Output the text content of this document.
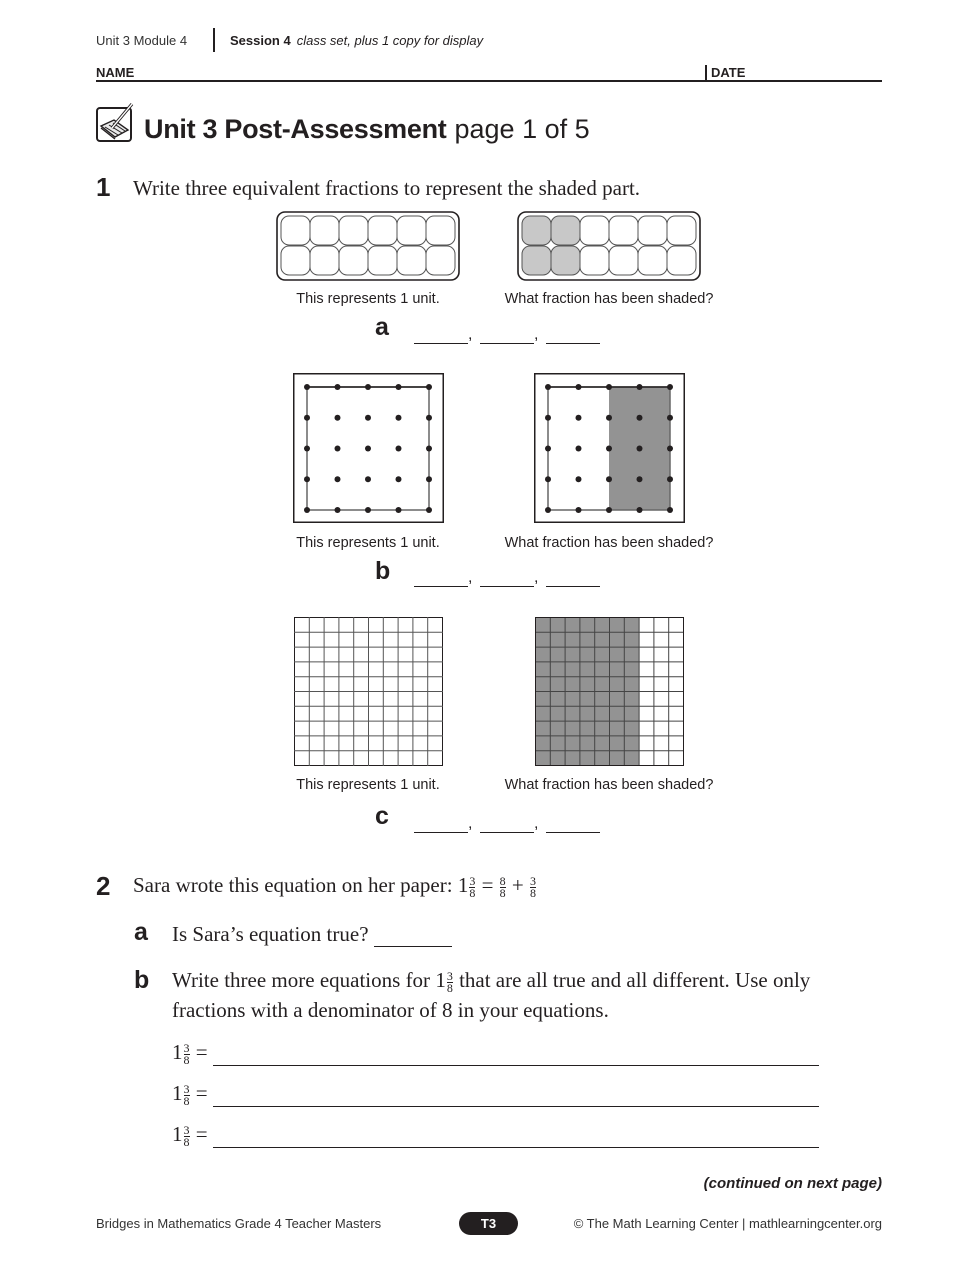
Unit 3 Module 4	Session 4 class set, plus 1 copy for display
NAME	DATE
Unit 3 Post-Assessment page 1 of 5
1 Write three equivalent fractions to represent the shaded part.
This represents 1 unit.	What fraction has been shaded?
a	,	,
This represents 1 unit.	What fraction has been shaded?
b	,	,
This represents 1 unit.	What fraction has been shaded?
c	,	,
2 Sara wrote this equation on her paper: $1 \frac{3}{8} = \frac{8}{8} + \frac{3}{8}$
a Is Sara’s equation true?
b Write three more equations for $1 \frac{3}{8}$ that are all true and all different. Use only
fractions with a denominator of 8 in your equations.
$1 \frac{3}{8}$ =
$1 \frac{3}{8}$ =
$1 \frac{3}{8}$ =
(continued on next page)
Bridges in Mathematics Grade 4 Teacher Masters	T3	© The Math Learning Center | mathlearningcenter.org
